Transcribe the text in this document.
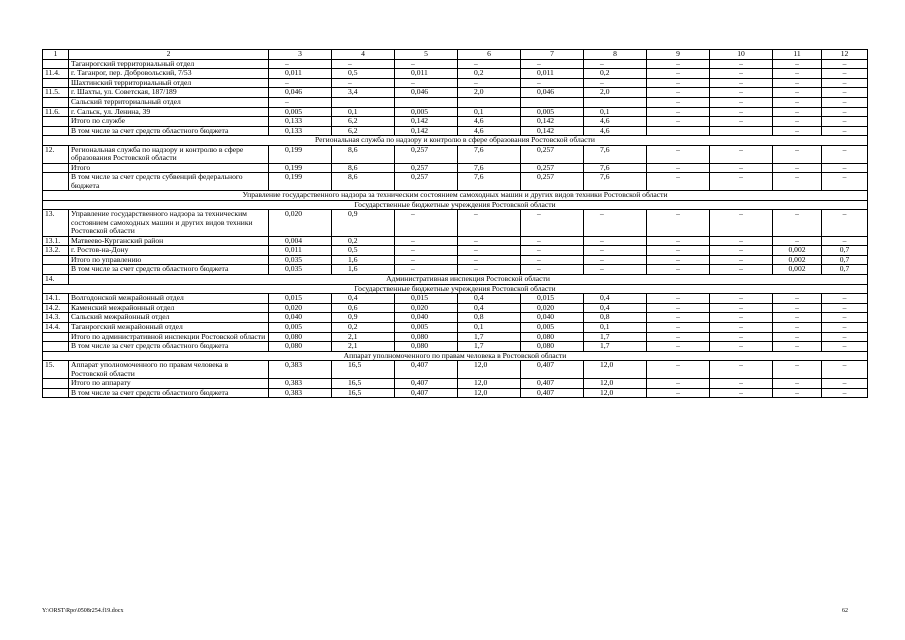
1	2	3	4	5	6	7	8	9	10	11	12
	Таганрогский территориальный отдел	–	–	–	–	–	–	–	–	–	–
11.4.	г. Таганрог, пер. Добровольский, 7/53	0,011	0,5	0,011	0,2	0,011	0,2	–	–	–	–
	Шахтинский территориальный отдел	–	–	–	–	–	–	–	–	–	–
11.5.	г. Шахты, ул. Советская, 187/189	0,046	3,4	0,046	2,0	0,046	2,0	–	–	–	–
	Сальский территориальный отдел	–						–	–	–	–
11.6.	г. Сальск, ул. Ленина, 39	0,005	0,1	0,005	0,1	0,005	0,1	–	–	–	–
	Итого по службе	0,133	6,2	0,142	4,6	0,142	4,6	–	–	–	–
	В том числе за счет средств областного бюджета	0,133	6,2	0,142	4,6	0,142	4,6			–	–
Региональная служба по надзору и контролю в сфере образования Ростовской области											
12.	Региональная служба по надзору и контролю в сфере образования Ростовской области	0,199	8,6	0,257	7,6	0,257	7,6	–	–	–	–
	Итого	0,199	8,6	0,257	7,6	0,257	7,6	–	–	–	–
	В том числе за счет средств субвенций федерального бюджета	0,199	8,6	0,257	7,6	0,257	7,6	–	–	–	–
Управление государственного надзора за техническим состоянием самоходных машин и других видов техники Ростовской области											
Государственные бюджетные учреждения Ростовской области											
13.	Управление государственного надзора за техническим состоянием самоходных машин и других видов техники Ростовской области	0,020	0,9	–	–	–	–	–	–	–	–
13.1.	Матвеево-Курганский район	0,004	0,2	–	–	–	–	–	–	–	–
13.2.	г. Ростов-на-Дону	0,011	0,5	–	–	–	–	–	–	0,002	0,7
	Итого по управлению	0,035	1,6	–	–	–	–	–	–	0,002	0,7
	В том числе за счет средств областного бюджета	0,035	1,6	–	–	–	–	–	–	0,002	0,7
14.	Административная инспекция Ростовской области										
Государственные бюджетные учреждения Ростовской области											
14.1.	Волгодонской межрайонный отдел	0,015	0,4	0,015	0,4	0,015	0,4	–	–	–	–
14.2.	Каменский межрайонный отдел	0,020	0,6	0,020	0,4	0,020	0,4	–	–	–	–
14.3.	Сальский межрайонный отдел	0,040	0,9	0,040	0,8	0,040	0,8	–	–	–	–
14.4.	Таганрогский межрайонный отдел	0,005	0,2	0,005	0,1	0,005	0,1	–	–	–	–
	Итого по административной инспекции Ростовской области	0,080	2,1	0,080	1,7	0,080	1,7	–	–	–	–
	В том числе за счет средств областного бюджета	0,080	2,1	0,080	1,7	0,080	1,7	–	–	–	–
Аппарат уполномоченного по правам человека в Ростовской области											
15.	Аппарат уполномоченного по правам человека в Ростовской области	0,383	16,5	0,407	12,0	0,407	12,0	–	–	–	–
	Итого по аппарату	0,383	16,5	0,407	12,0	0,407	12,0	–	–	–	–
	В том числе за счет средств областного бюджета	0,383	16,5	0,407	12,0	0,407	12,0	–	–	–	–
Y:\ORST\Rpo\0508r254.f19.docx	62
